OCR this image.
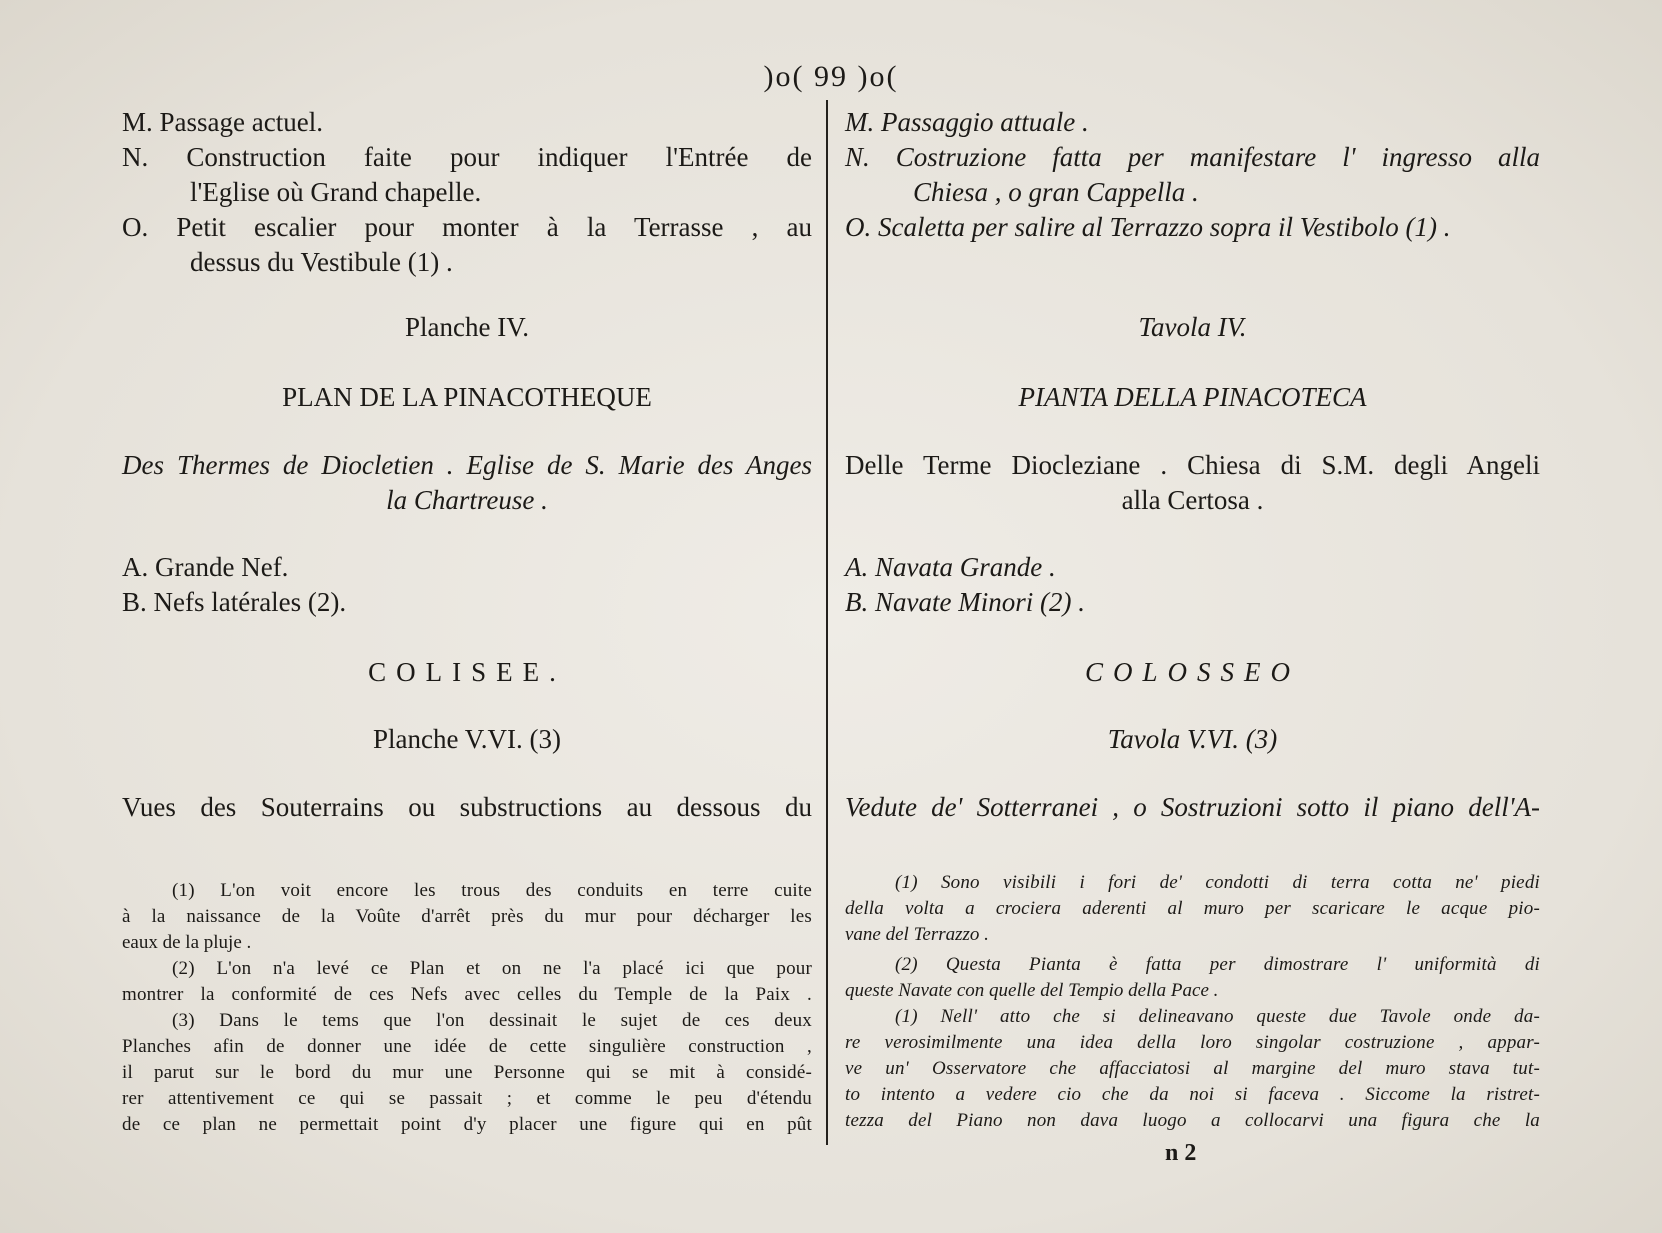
)o( 99 )o(
M. Passage actuel.
N. Construction faite pour indiquer l'Entrée de
l'Eglise où Grand chapelle.
O. Petit escalier pour monter à la Terrasse , au
dessus du Vestibule (1) .
Planche IV.
PLAN DE LA PINACOTHEQUE
Des Thermes de Diocletien . Eglise de S. Marie des Anges
la Chartreuse .
A. Grande Nef.
B. Nefs latérales (2).
COLISEE.
Planche V.VI. (3)
Vues des Souterrains ou substructions au dessous du
(1) L'on voit encore les trous des conduits en terre cuite
à la naissance de la Voûte d'arrêt près du mur pour décharger les
eaux de la pluje .
(2) L'on n'a levé ce Plan et on ne l'a placé ici que pour
montrer la conformité de ces Nefs avec celles du Temple de la Paix .
(3) Dans le tems que l'on dessinait le sujet de ces deux
Planches afin de donner une idée de cette singulière construction ,
il parut sur le bord du mur une Personne qui se mit à considé-
rer attentivement ce qui se passait ; et comme le peu d'étendu
de ce plan ne permettait point d'y placer une figure qui en pût
M. Passaggio attuale .
N. Costruzione fatta per manifestare l' ingresso alla
Chiesa , o gran Cappella .
O. Scaletta per salire al Terrazzo sopra il Vestibolo (1) .
Tavola IV.
PIANTA DELLA PINACOTECA
Delle Terme Diocleziane . Chiesa di S.M. degli Angeli
alla Certosa .
A. Navata Grande .
B. Navate Minori (2) .
COLOSSEO
Tavola V.VI. (3)
Vedute de' Sotterranei , o Sostruzioni sotto il piano dell'A-
(1) Sono visibili i fori de' condotti di terra cotta ne' piedi
della volta a crociera aderenti al muro per scaricare le acque pio-
vane del Terrazzo .
(2) Questa Pianta è fatta per dimostrare l' uniformità di
queste Navate con quelle del Tempio della Pace .
(1) Nell' atto che si delineavano queste due Tavole onde da-
re verosimilmente una idea della loro singolar costruzione , appar-
ve un' Osservatore che affacciatosi al margine del muro stava tut-
to intento a vedere cio che da noi si faceva . Siccome la ristret-
tezza del Piano non dava luogo a collocarvi una figura che la
n 2
